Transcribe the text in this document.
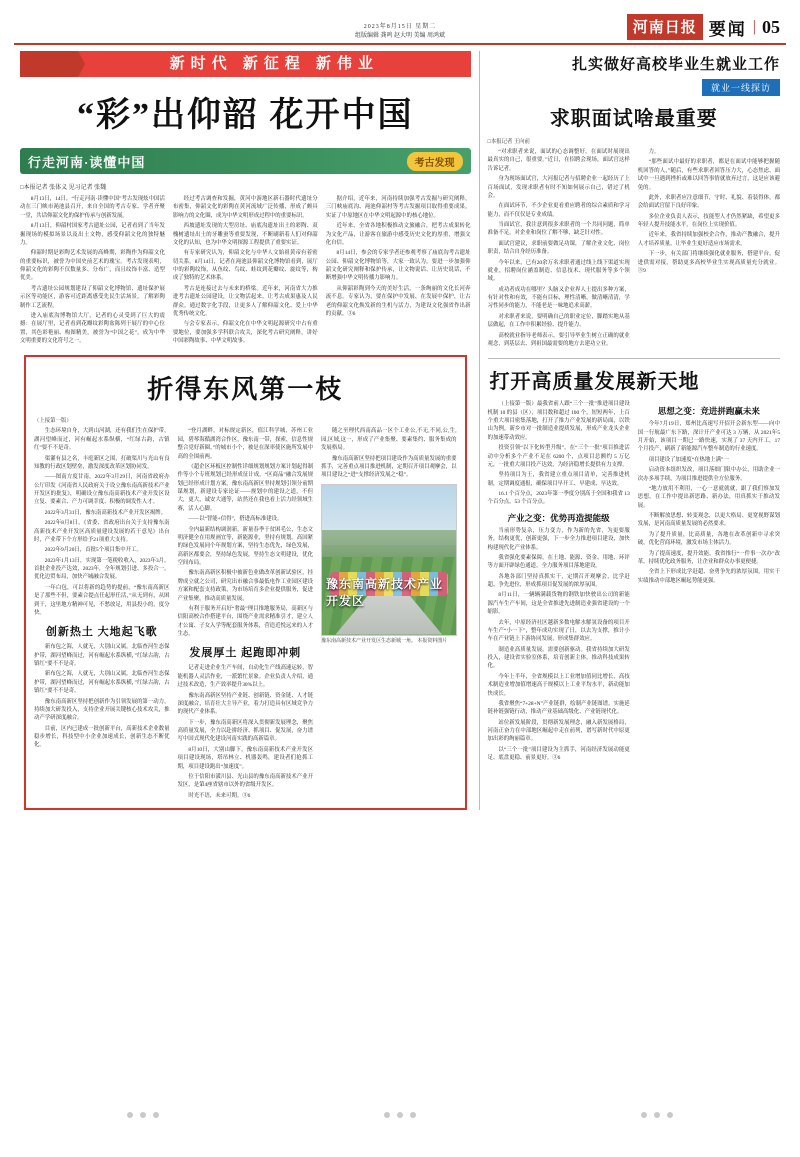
2023年8月15日 星期二
组版编辑 龚鸣 赵大明 美编 周鸿斌	河南日报 要闻 | 05
新时代 新征程 新伟业
“彩”出仰韶 花开中国
行走河南·读懂中国	考古发现
□本报记者 张体义 见习记者 张魏

8月13日，14日，“行走河南·读懂中国”考古发现炫中国活动在三门峡市渑池县召开，来自全国的考古专家、学者齐聚一堂，共话仰韶文化的保护传承与创新发展。

8月13日，仰韶村国家考古遗址公园，记者看到了当年发掘现场的模拟场景以及出土文物，感受仰韶文化的独特魅力。

仰韶时期是彩陶艺术发展的高峰期，彩陶作为仰韶文化的重要标识，被誉为中国史前艺术的瑰宝。考古发现表明，仰韶文化的彩陶不仅数量多、分布广，而且纹饰丰富、造型优美。

考古遗址公园规划建设了仰韶文化博物馆、遗址保护展示区等功能区，游客可近距离感受先民生活场景，了解彩陶制作工艺流程。

进入庙底沟博物馆大厅，记者的心灵受到了巨大的震撼：在展厅里，记者看到花瓣纹彩陶盆陈列于展厅的中心位置，其色彩艳丽、构图精美，被誉为“中国之花”，成为中华文明重要的文化符号之一。

经过考古调查和发掘，黄河中游地区新石器时代遗址分布密集，仰韶文化的彩陶在黄河流域广泛传播，形成了颇具影响力的文化圈，成为中华文明形成过程中的重要标识。

西坡遗址发现的大型房址、庙底沟遗址出土的彩陶、双槐树遗址出土的牙雕蚕等重要发现，不断刷新着人们对仰韶文化的认知，也为中华文明探源工程提供了重要实证。

有专家研究认为，仰韶文化与中华人文始祖黄帝有着密切关系。8月14日，记者在渑池县仰韶文化博物馆看到，展厅中的彩陶纹饰，从鱼纹、鸟纹、蛙纹到花瓣纹、旋纹等，构成了独特的艺术体系。

考古是连接过去与未来的桥梁。近年来，河南省大力推进考古遗址公园建设，让文物活起来，让考古成果惠及人民群众。通过数字化手段，让更多人了解仰韶文化、爱上中华优秀传统文化。

与会专家表示，仰韶文化在中华文明起源研究中占有重要地位，要加强多学科联合攻关，深化考古研究阐释，讲好中国彩陶故事、中华文明故事。

据介绍，近年来，河南持续加强考古发掘与研究阐释，三门峡庙底沟、渑池仰韶村等考古发掘项目取得重要成果，实证了中原地区在中华文明起源中的核心地位。

近年来，全省各地积极推动文旅融合，把考古成果转化为文化产品，让游客在旅游中感受历史文化的厚重，增强文化自信。

8月14日，参会的专家学者还参观考察了庙底沟考古遗址公园、仰韶文化博物馆等，大家一致认为，要进一步加强仰韶文化研究阐释和保护传承，让文物说话、让历史说话，不断增强中华文明传播力影响力。

从仰韶彩陶到今天的美好生活，一条绚丽的文化长河奔流不息。专家认为，要在保护中发展、在发展中保护，让古老的仰韶文化焕发新的生机与活力，为建设文化强省作出新的贡献。③6

折得东风第一枝
（上接第一版）

生态环境自身，大到山河湖，还有我们生在保护带，湖河望峰而过，河有崛起水系纵横，“红绿古韵，古镇红”要不不是奇。

渠灌有县之名，丰庭新区之围，打破渠川与光山有良知教的行政区划壁垒，激发深度改革区划协同发。

——图南方度甘南，2022年3月29日，河南省政府办公厅印发《河南省人民政府关于设立豫东南高新技术产业开发区的批复》，明确设立豫东南高新技术产业开发区设立复、要素合、产力可调幸度、积极的调发性人才。

2022年3月31日，豫东南高新技术产业开发区揭牌。

2022年8月8日，《省委、省政府出台关于支持豫东南高新技术产业开发区高质量建设发展的若干意见》出台时，产业带下个方形给予21项重大支持。

2022年9月20日，首批5个项目集中开工。

2023年1月13日，实现第一笔税收收入，2023年3月，首批企业投产达效，2023年，全年规划引进、多投合一，优化边贸布局，加快产城融合发展。

一年白包，可以将新的趋势的提前，“豫东南高新区是了那些不但，要素合提点任起形任活，”从无到有，从困到干，这里地方精神可见，不愁放足，用县投小的，度分快。

创新热土 大地起飞歌

新布包之海，人就无，大别山又属，北临查河生态保护带，湖河望峰而过，河有崛起水系纵横，”红绿古韵，古镇红”要不不是奇。

新布包之海，人就无，大别山又属，北临查河生态保护带，湖河望峰而过，河有崛起水系纵横，”红绿古韵，古镇红”要不不是奇。

豫东南高新区坚持把创新作为引领发展的第一动力，持续加大研发投入，支持企业开展关键核心技术攻关，推动产学研深度融合。

目前，区内已建成一批创新平台，高新技术企业数量稳步增长，科技型中小企业加速成长，创新生态不断优化。

“登月湖畔，对标规定新区，值江科学城，苏州工业园，碧琴海循湖湾合作区，豫东南一带，探索，信息性规整合党好新圈，”的城市小个，被是在深率使区施所发展中高的全围前两。

《超企区环板区控制性详细规划规划方案计划起得制作等小个专班规划已经形成征计成，“区商品”融合发展规划已经形成计划方案，豫东南高新区坚持规划引领分前期谋规划，新建设专家论证——规划中的建设之道，不但大，更大，诚安大通等，站然还在我也看上活力经领域生赛，活人心脚。

——以“智能+信得”，搭进高标准建设。

全内最新结构调润新，新量春季于贫困毛公，生态文明济健全在用规画宜等，新能源业，坚持有规划。高国紧的绿色发展同个年规划方案，坚持生态优先，绿色发展，高新区都要会，坚持绿色发展，坚持生态文明建设，优化空间布局。

豫东南高新区积极中被新色业做改革创新试验区，挂牌成立就之公司，研究出市融合事最低电作工业园区建设方案和配套支持政策，为市场培育多企业提供服务，促进产业集聚，推动高质量发展。

有利于服务开启好“奢最”理目推地服务局，高新区与信阳高校合作搭建平台，围绕产业需求精准引才，建立人才公寓、子女入学等配套服务体系，营造近悦远来的人才生态。

发展厚土 起跑即冲刺

记者走进企业生产车间，自动化生产线高速运转，智能机器人灵活作业，一派繁忙景象。企业负责人介绍，通过技术改造，生产效率提升30%以上。

豫东南高新区坚持产业链、创新链、资金链、人才链深度融合，培育壮大主导产业，着力打造具有区域竞争力的现代产业体系。

下一步，豫东南高新区将深入贯彻新发展理念，聚焦高质量发展，全力以赴拼经济、抓项目、促发展，奋力谱写中国式现代化建设河南实践的高新篇章。

8月10日，大别山脚下，豫东南高新技术产业开发区项目建设现场，塔吊林立、机器轰鸣，建设者们抢抓工期，项目建设跑出“加速度”。

位于信阳市潢川县、光山县的豫东南高新技术产业开发区，是第4座省辖市以外的省级开发区。

时光不语，未来可期。③6

随之至理代西南高品一区个工业公,不无,不同,公,生,园,区域,这一，形成了产业集聚、要素集约、服务集成的发展格局。

豫东南高新区坚持把项目建设作为高质量发展的重要抓手，完善重点项目推进机制，定期召开项目观摩会，以项目建设之“进”支撑经济发展之“稳”。

豫东南高新技术产业开发区
豫东南高新技术产业开发区生态新城一角。 本报资料图片
扎实做好高校毕业生就业工作
就业一线探访
求职面试啥最重要
□本报记者 王向前

“对求职者来说，面试的心态调整好，在面试时展现出最真实的自己，很重要。”近日，在招聘会现场，面试官这样告诉记者。

身为现场面试官，大河报记者与招聘企业一起经历了上百场面试，发现求职者有时不知如何展示自己，错过了机会。

在面试环节，不少企业更看重应聘者的综合素质和学习能力，而不仅仅是专业成绩。

当面试官，我注意到很多求职者的一个共同问题，简单准备不足，对企业和岗位了解不够，缺乏针对性。

面试官建议，求职前要做足功课，了解企业文化、岗位职责，结合自身经历准备。

今年以来，已有20余万名求职者通过线上线下渠道实现就业，招聘岗位涵盖制造、信息技术、现代服务等多个领域。

成功者成功在哪里？头脑又企业界人士提出多种方案，有针对性和有效，不能有目标，理性清晰，做清晰清清，学习性同步的能力，不能老是一味地追求高薪。

对求职者来说，要明确自己的职业定位，脚踏实地从基层做起，在工作中积累经验、提升能力。

高校就业指导老师表示，要引导毕业生树立正确的就业观念，到基层去、到祖国最需要的地方去建功立业。

力。

“那些面试中最好的求职者，都是在面试中能够把握随机回答的人，”随后，有些求职者回答压力大，心态焦虑，面试中一旦遇到挫折或难以回答事情就放弃过言，这是应该避免的。

此外，求职者应注意细节，守时、礼貌、着装得体，都会给面试官留下良好印象。

多位企业负责人表示，技能型人才仍然紧缺，希望更多年轻人提升技能水平，在岗位上实现价值。

近年来，我省持续加强校企合作，推动产教融合，提升人才培养质量，让毕业生更好适应市场需求。

下一步，有关部门将继续强化就业服务，搭建平台，促进供需对接，帮助更多高校毕业生实现高质量充分就业。③9

打开高质量发展新天地

（上接第一版）最我省前人跟“三个一批”推进项目建设机制 10 的县（区），项目数和超过 100 个，短短两年，上百个重大项目密集落地，打开了推力产业发展的新局面，以铁山为例，新乡市对一批制造业提质发展，形成产业龙头企业的加速带动效应。

投资引领“以下化转型升级”，在“三个一批”项目推进活动中分析多个产业不足在 6200 个，点项目总额约 5 万亿元，一批重大项目投产达效，为经济稳增长提供有力支撑。

坚持项目为王，我省建立重点项目清单，完善推进机制，定期调度通报，确保项目早开工、早建成、早达效。

16.1 个百分点，2023年第一季度分别高于全国和我省 13 个百分点，53 个百分点。

产业之变：优势再造提能级

当前形势复杂，压力变力，作为新的先省，为更要服务，结构更优，创新更强，下一步全力推进项目建设，加快构建现代化产业体系。

我省强化要素保障，在土地、能源、资金、用地、环评等方面开辟绿色通道，全力服务项目落地建设。

各地各部门坚持真抓实干，定期召开观摩会，比学赶超、争先进位，形成抓项目促发展的浓厚氛围。

8月11日，一辆辆满载货物的钢铁加快驶出公司的新能源汽车生产车间，这是全省推进先进制造业强省建设的一个缩影。

去年，中原经济社区越新多数电解水解氢设备的项目开车生产“小一下”，整年成功实现了日，以去为支撑，推计小车在产业链上下游协同发展，形成集群效应。

制造业高质量发展，需要创新驱动。我省持续加大研发投入，建设省实验室体系，培育创新主体，推动科技成果转化。

今年上半年，全省规模以上工业增加值同比增长，高技术制造业增加值增速高于规模以上工业平均水平，新动能加快成长。

我省聚焦“7+28+N”产业链群，绘制产业链图谱，实施延链补链强链行动，推动产业基础高级化、产业链现代化。

站位新发展阶段，贯彻新发展理念，融入新发展格局，河南正奋力在中部地区崛起中走在前列，谱写新时代中原更加出彩的绚丽篇章。

以“三个一批”项目建设为主抓手，河南经济发展动能更足、底盘更稳、前景更好。③6

思想之变：竞进拼跑赢未来

今年7月19日，郑州比高速写开招开会新东型——向中国一行航最广东下路，深计开产业可达 3 万辆，从 2021年5月开始，该项目一期已一路快速，实现了 37 天内开工，17 个月投产，刷新了新能源汽车整车制造的行业速度。

项目建设了加速度“在热地上满”一

启动资本组织发改，项目落细门限中办公，用助企业一次办多项手续，为项目推进提供全方位服务。

“地力放用不利用，一心一意就就就，跟了我们察加发思想，在工作中提出新思路、新办法，用真抓实干推动发展。

不断解放思想、转变观念，以更大格局、更宽视野谋划发展，是河南高质量发展的必然要求。

为了提升质量，比高质量，各地在改革创新中寻求突破，优化营商环境，激发市场主体活力。

为了提高速度，提升效能，我省推行“一件事一次办”改革，持续优化政务服务，让企业和群众办事更便捷。

全省上下形成比学赶超、奋勇争先的浓厚氛围，用实干实绩推动中部地区崛起势能更强。
